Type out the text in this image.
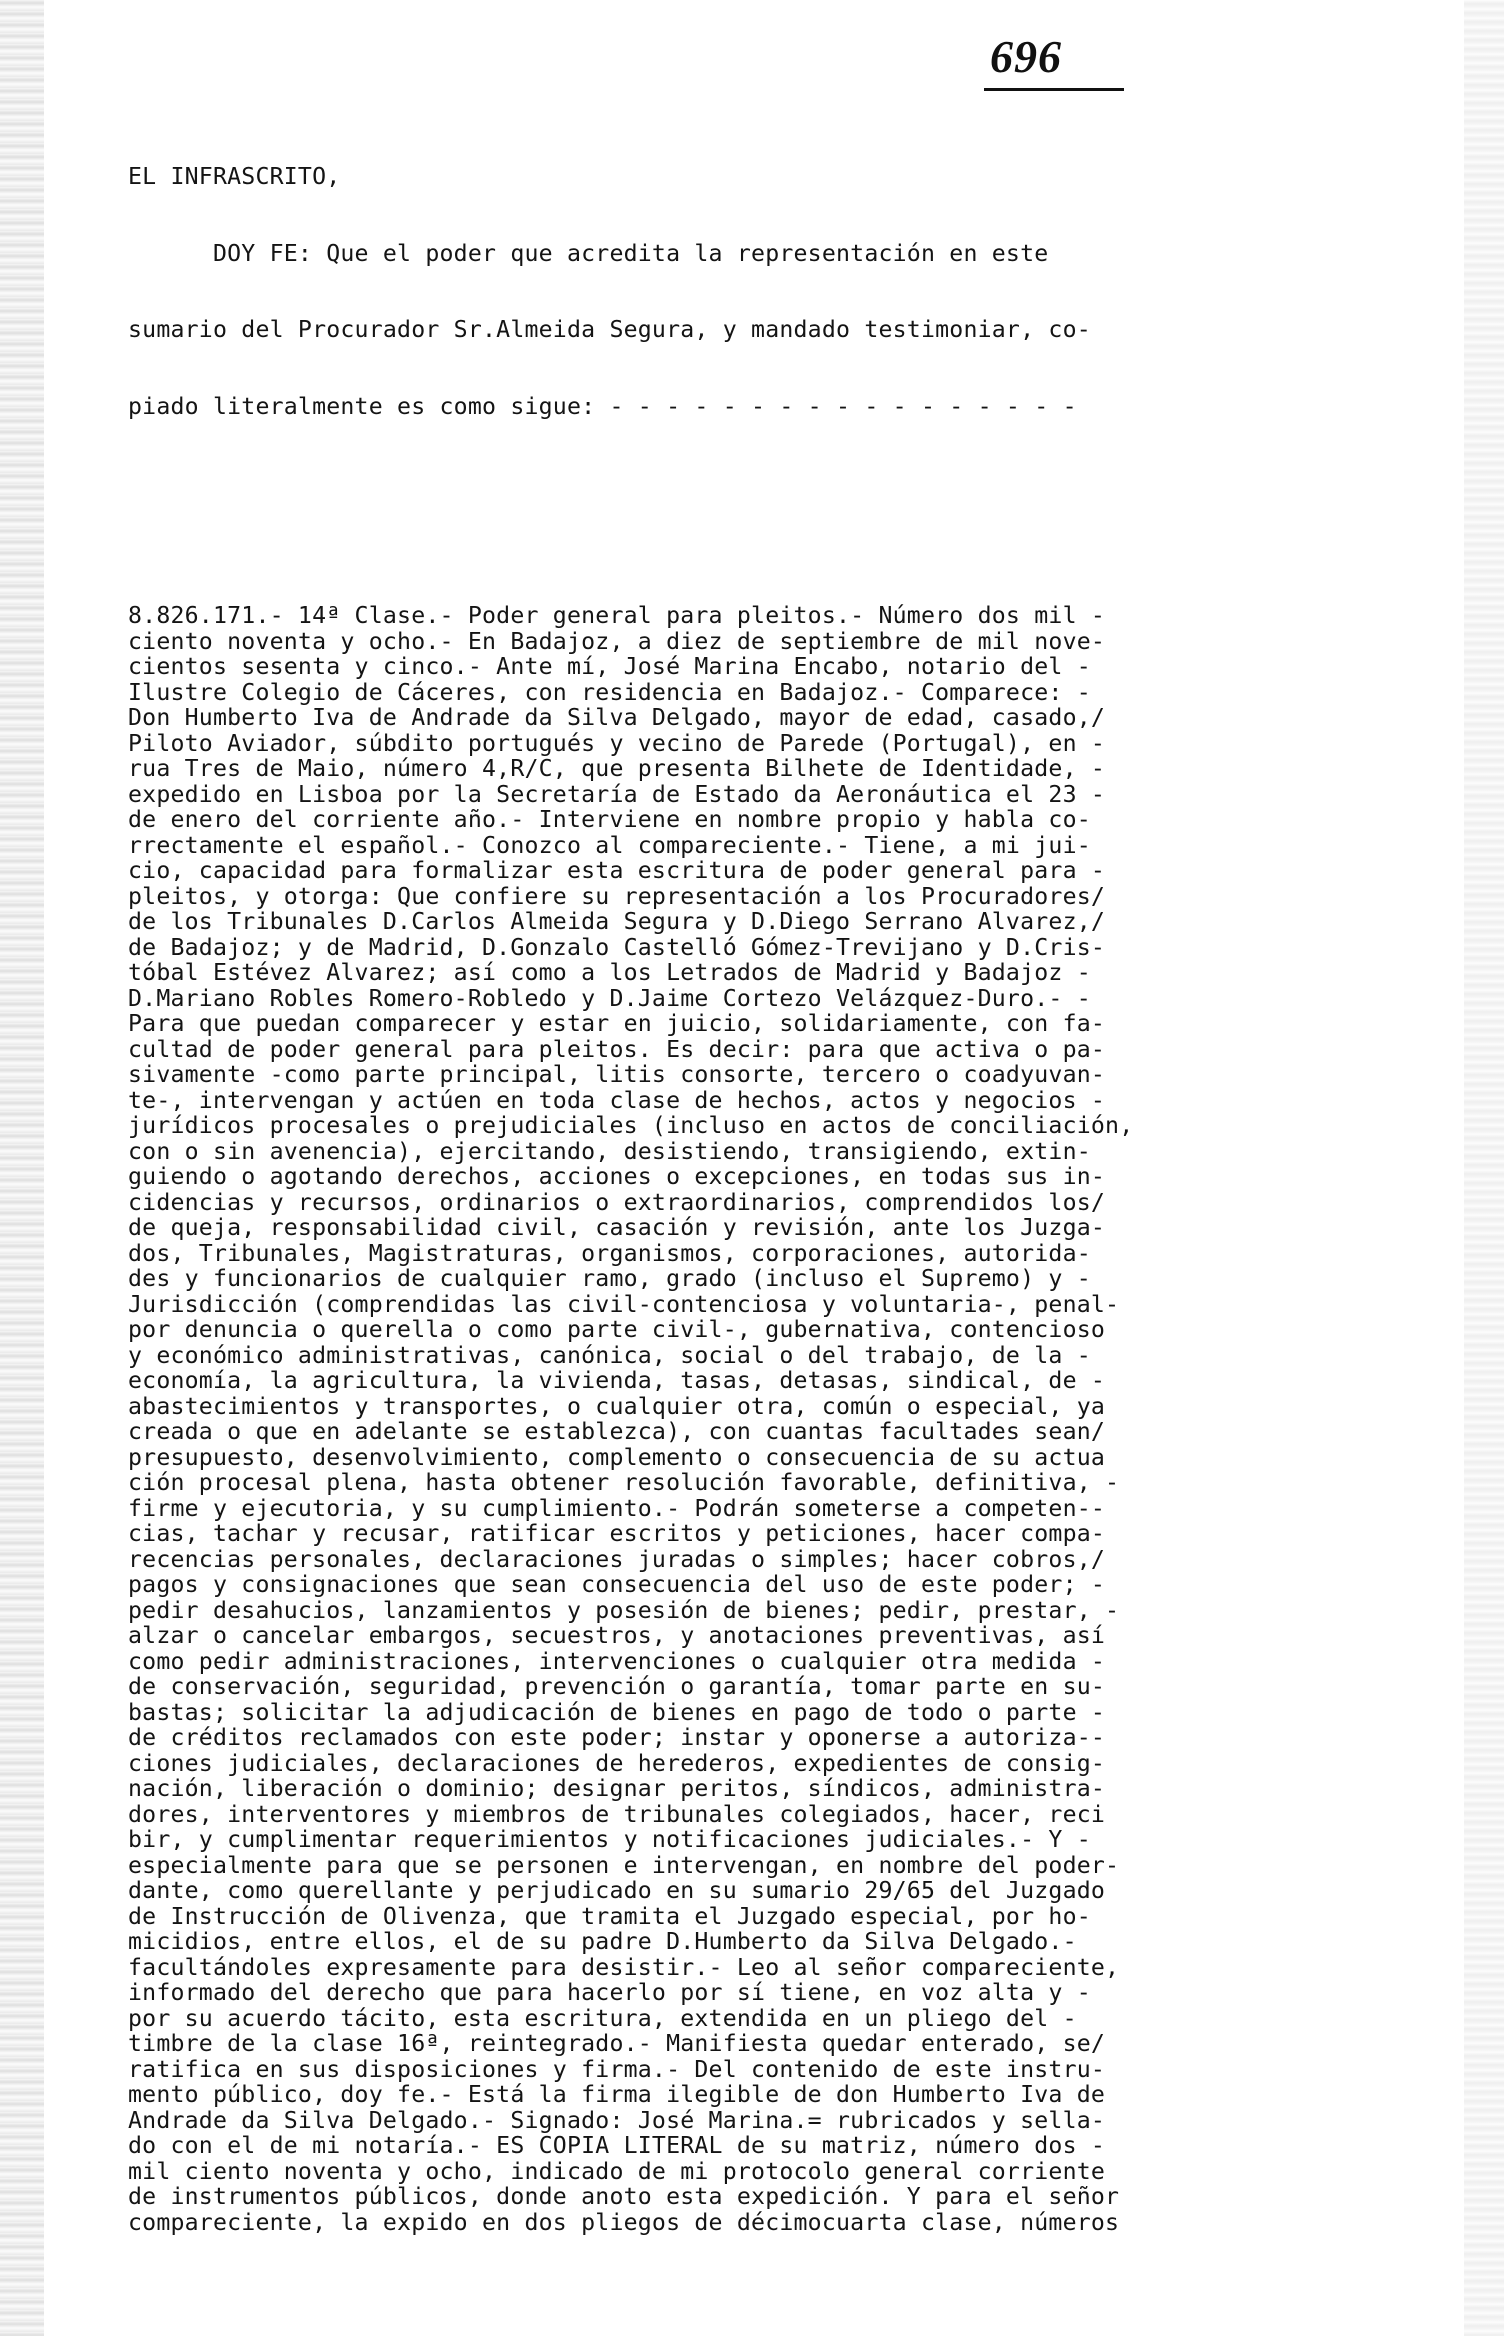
696

EL INFRASCRITO,

DOY FE: Que el poder que acredita la representación en este

sumario del Procurador Sr.Almeida Segura, y mandado testimoniar, co-

piado literalmente es como sigue: - - - - - - - - - - - - - - - - -

8.826.171.- 14ª Clase.- Poder general para pleitos.- Número dos mil -
ciento noventa y ocho.- En Badajoz, a diez de septiembre de mil nove-
cientos sesenta y cinco.- Ante mí, José Marina Encabo, notario del -
Ilustre Colegio de Cáceres, con residencia en Badajoz.- Comparece: -
Don Humberto Iva de Andrade da Silva Delgado, mayor de edad, casado,/
Piloto Aviador, súbdito portugués y vecino de Parede (Portugal), en -
rua Tres de Maio, número 4,R/C, que presenta Bilhete de Identidade, -
expedido en Lisboa por la Secretaría de Estado da Aeronáutica el 23 -
de enero del corriente año.- Interviene en nombre propio y habla co-
rrectamente el español.- Conozco al compareciente.- Tiene, a mi jui-
cio, capacidad para formalizar esta escritura de poder general para -
pleitos, y otorga: Que confiere su representación a los Procuradores/
de los Tribunales D.Carlos Almeida Segura y D.Diego Serrano Alvarez,/
de Badajoz; y de Madrid, D.Gonzalo Castelló Gómez-Trevijano y D.Cris-
tóbal Estévez Alvarez; así como a los Letrados de Madrid y Badajoz -
D.Mariano Robles Romero-Robledo y D.Jaime Cortezo Velázquez-Duro.- -
Para que puedan comparecer y estar en juicio, solidariamente, con fa-
cultad de poder general para pleitos. Es decir: para que activa o pa-
sivamente -como parte principal, litis consorte, tercero o coadyuvan-
te-, intervengan y actúen en toda clase de hechos, actos y negocios -
jurídicos procesales o prejudiciales (incluso en actos de conciliación,
con o sin avenencia), ejercitando, desistiendo, transigiendo, extin-
guiendo o agotando derechos, acciones o excepciones, en todas sus in-
cidencias y recursos, ordinarios o extraordinarios, comprendidos los/
de queja, responsabilidad civil, casación y revisión, ante los Juzga-
dos, Tribunales, Magistraturas, organismos, corporaciones, autorida-
des y funcionarios de cualquier ramo, grado (incluso el Supremo) y -
Jurisdicción (comprendidas las civil-contenciosa y voluntaria-, penal-
por denuncia o querella o como parte civil-, gubernativa, contencioso
y económico administrativas, canónica, social o del trabajo, de la -
economía, la agricultura, la vivienda, tasas, detasas, sindical, de -
abastecimientos y transportes, o cualquier otra, común o especial, ya
creada o que en adelante se establezca), con cuantas facultades sean/
presupuesto, desenvolvimiento, complemento o consecuencia de su actua
ción procesal plena, hasta obtener resolución favorable, definitiva, -
firme y ejecutoria, y su cumplimiento.- Podrán someterse a competen--
cias, tachar y recusar, ratificar escritos y peticiones, hacer compa-
recencias personales, declaraciones juradas o simples; hacer cobros,/
pagos y consignaciones que sean consecuencia del uso de este poder; -
pedir desahucios, lanzamientos y posesión de bienes; pedir, prestar, -
alzar o cancelar embargos, secuestros, y anotaciones preventivas, así
como pedir administraciones, intervenciones o cualquier otra medida -
de conservación, seguridad, prevención o garantía, tomar parte en su-
bastas; solicitar la adjudicación de bienes en pago de todo o parte -
de créditos reclamados con este poder; instar y oponerse a autoriza--
ciones judiciales, declaraciones de herederos, expedientes de consig-
nación, liberación o dominio; designar peritos, síndicos, administra-
dores, interventores y miembros de tribunales colegiados, hacer, reci
bir, y cumplimentar requerimientos y notificaciones judiciales.- Y -
especialmente para que se personen e intervengan, en nombre del poder-
dante, como querellante y perjudicado en su sumario 29/65 del Juzgado
de Instrucción de Olivenza, que tramita el Juzgado especial, por ho-
micidios, entre ellos, el de su padre D.Humberto da Silva Delgado.-
facultándoles expresamente para desistir.- Leo al señor compareciente,
informado del derecho que para hacerlo por sí tiene, en voz alta y -
por su acuerdo tácito, esta escritura, extendida en un pliego del -
timbre de la clase 16ª, reintegrado.- Manifiesta quedar enterado, se/
ratifica en sus disposiciones y firma.- Del contenido de este instru-
mento público, doy fe.- Está la firma ilegible de don Humberto Iva de
Andrade da Silva Delgado.- Signado: José Marina.= rubricados y sella-
do con el de mi notaría.- ES COPIA LITERAL de su matriz, número dos -
mil ciento noventa y ocho, indicado de mi protocolo general corriente
de instrumentos públicos, donde anoto esta expedición. Y para el señor
compareciente, la expido en dos pliegos de décimocuarta clase, números
